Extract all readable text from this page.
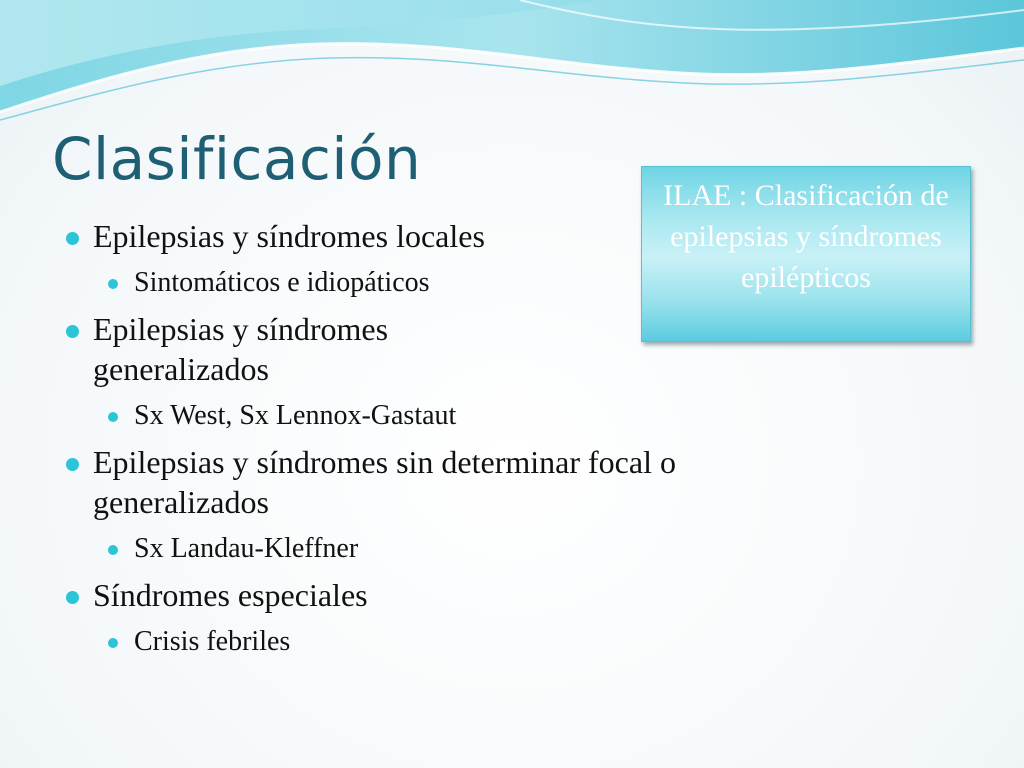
Clasificación
ILAE : Clasificación de epilepsias y síndromes epilépticos
Epilepsias y síndromes locales
Sintomáticos e idiopáticos
Epilepsias y síndromes generalizados
Sx West, Sx Lennox-Gastaut
Epilepsias y síndromes sin determinar focal o generalizados
Sx Landau-Kleffner
Síndromes especiales
Crisis febriles
